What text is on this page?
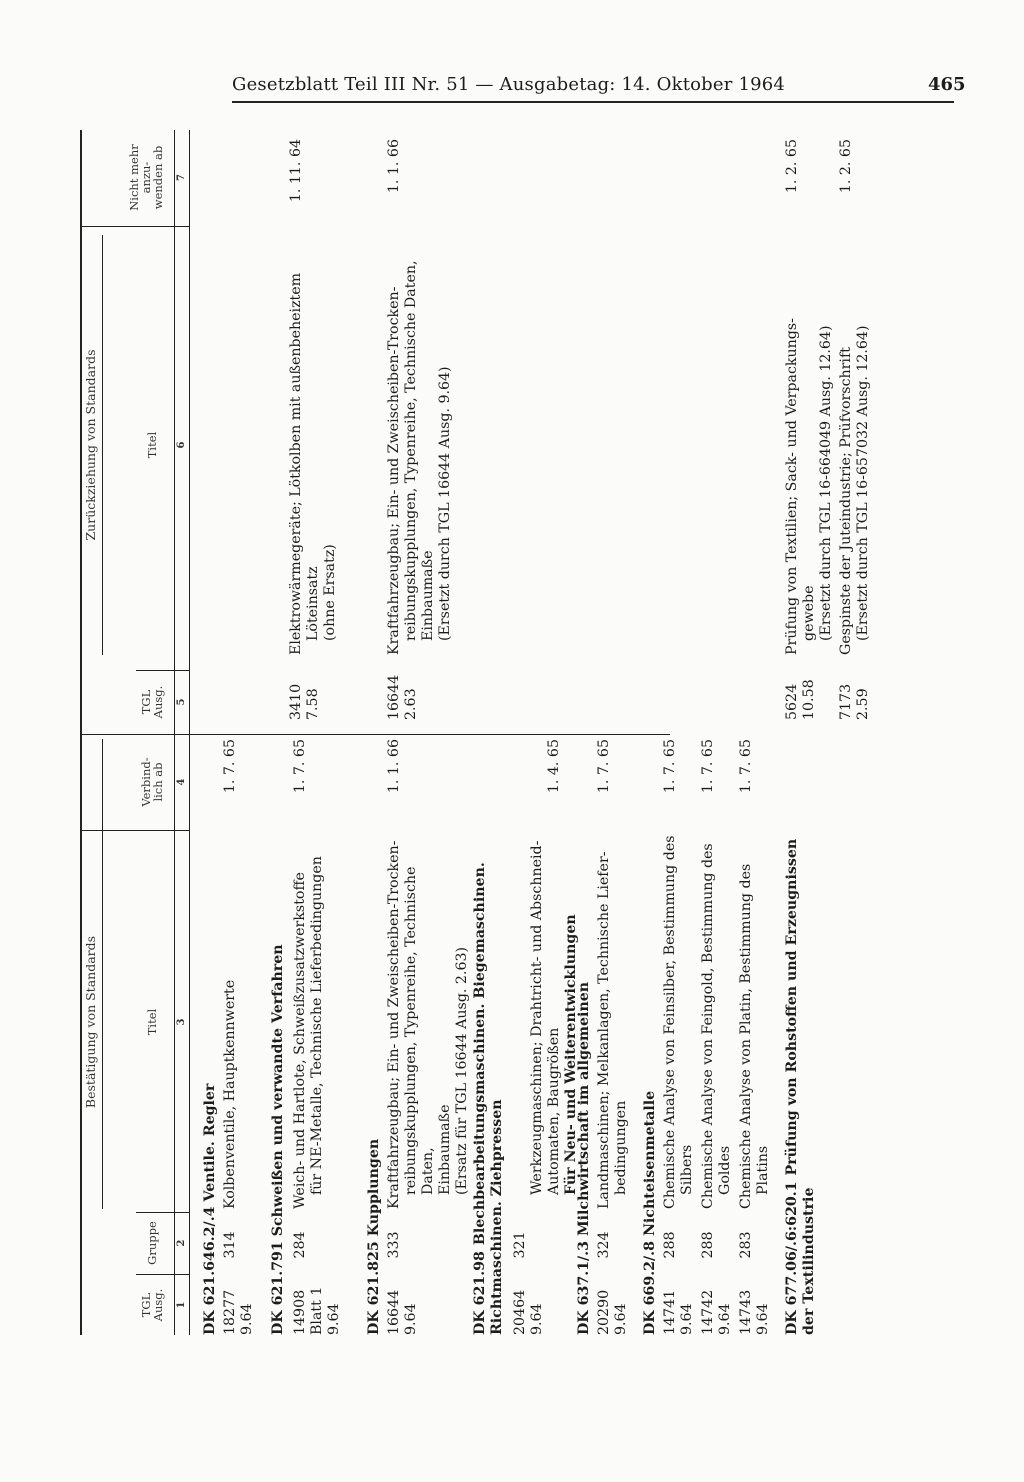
Gesetzblatt Teil III Nr. 51 — Ausgabetag: 14. Oktober 1964	465
Bestätigung von Standards
Zurückziehung von Standards
TGL
Ausg.
Gruppe
Titel
Verbind-
lich ab
TGL
Ausg.
Titel
Nicht mehr
anzu-
wenden ab
1
2
3
4
5
6
7
DK 621.646.2/.4 Ventile. Regler
18277
9.64
314
Kolbenventile, Hauptkennwerte
1. 7. 65
DK 621.791 Schweißen und verwandte Verfahren
14908
Blatt 1
9.64
284
Weich- und Hartlote, Schweißzusatzwerkstoffe
für NE-Metalle, Technische Lieferbedingungen
1. 7. 65
3410
7.58
Elektrowärmegeräte; Lötkolben mit außenbeheiztem
Löteinsatz
(ohne Ersatz)
1. 11. 64
DK 621.825 Kupplungen
16644
9.64
333
Kraftfahrzeugbau; Ein- und Zweischeiben-Trocken-
reibungskupplungen, Typenreihe, Technische Daten,
Einbaumaße
(Ersatz für TGL 16644 Ausg. 2.63)
1. 1. 66
16644
2.63
Kraftfahrzeugbau; Ein- und Zweischeiben-Trocken-
reibungskupplungen, Typenreihe, Technische Daten,
Einbaumaße
(Ersetzt durch TGL 16644 Ausg. 9.64)
1. 1. 66
DK 621.98Blechbearbeitungsmaschinen. Biegemaschinen.
Richtmaschinen. Ziehpressen
20464
9.64
321

Werkzeugmaschinen; Drahtricht- und Abschneid-
Automaten, Baugrößen
Für Neu- und Weiterentwicklungen

1. 4. 65
DK 637.1/.3 Milchwirtschaft im allgemeinen
20290
9.64
324
Landmaschinen; Melkanlagen, Technische Liefer-
bedingungen
1. 7. 65
DK 669.2/.8 Nichteisenmetalle
14741
9.64
288
Chemische Analyse von Feinsilber, Bestimmung des
Silbers
1. 7. 65
14742
9.64
288
Chemische Analyse von Feingold, Bestimmung des
Goldes
1. 7. 65
14743
9.64
283
Chemische Analyse von Platin, Bestimmung des
Platins
1. 7. 65
DK 677.06/.6:620.1Prüfung von Rohstoffen und Erzeugnissen
der Textilindustrie
5624
10.58
Prüfung von Textilien; Sack- und Verpackungs-
gewebe
(Ersetzt durch TGL 16-664049 Ausg. 12.64)
1. 2. 65
7173
2.59
Gespinste der Juteindustrie; Prüfvorschrift
(Ersetzt durch TGL 16-657032 Ausg. 12.64)
1. 2. 65
